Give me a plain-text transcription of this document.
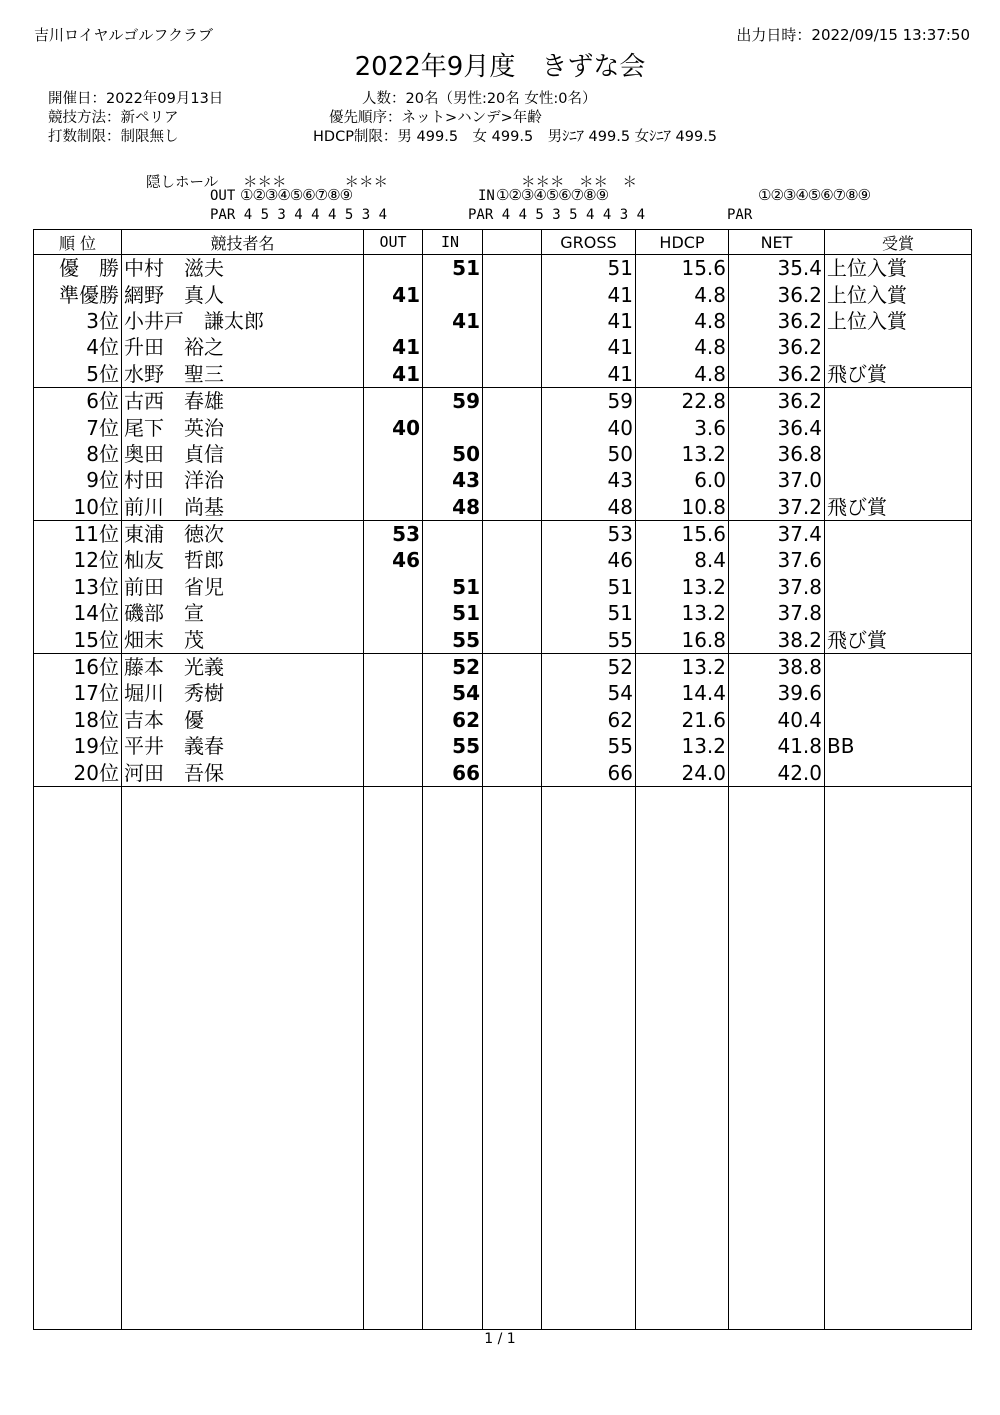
吉川ロイヤルゴルフクラブ	出力日時：2022/09/15 13:37:50
2022年9月度　きずな会
開催日：2022年09月13日
競技方法：新ペリア
打数制限：制限無し
人数：20名（男性:20名 女性:0名）
優先順序：ネット>ハンデ>年齢
HDCP制限：男 499.5　女 499.5　男ｼﾆｱ 499.5 女ｼﾆｱ 499.5
隠しホール ＊＊＊　　　　＊＊＊	＊＊＊　＊＊　＊
OUT ①②③④⑤⑥⑦⑧⑨	IN ①②③④⑤⑥⑦⑧⑨	①②③④⑤⑥⑦⑧⑨
PAR 4 5 3 4 4 4 5 3 4	PAR 4 4 5 3 5 4 4 3 4	PAR
順 位	競技者名	OUT	IN		GROSS	HDCP	NET	受賞
優　勝	中村　滋夫		51		51	15.6	35.4	上位入賞
準優勝	網野　真人	41			41	4.8	36.2	上位入賞
3位	小井戸　謙太郎		41		41	4.8	36.2	上位入賞
4位	升田　裕之	41			41	4.8	36.2	
5位	水野　聖三	41			41	4.8	36.2	飛び賞
6位	古西　春雄		59		59	22.8	36.2	
7位	尾下　英治	40			40	3.6	36.4	
8位	奥田　貞信		50		50	13.2	36.8	
9位	村田　洋治		43		43	6.0	37.0	
10位	前川　尚基		48		48	10.8	37.2	飛び賞
11位	東浦　徳次	53			53	15.6	37.4	
12位	杣友　哲郎	46			46	8.4	37.6	
13位	前田　省児		51		51	13.2	37.8	
14位	磯部　宣		51		51	13.2	37.8	
15位	畑末　茂		55		55	16.8	38.2	飛び賞
16位	藤本　光義		52		52	13.2	38.8	
17位	堀川　秀樹		54		54	14.4	39.6	
18位	吉本　優		62		62	21.6	40.4	
19位	平井　義春		55		55	13.2	41.8	BB
20位	河田　吾保		66		66	24.0	42.0	

1 / 1
